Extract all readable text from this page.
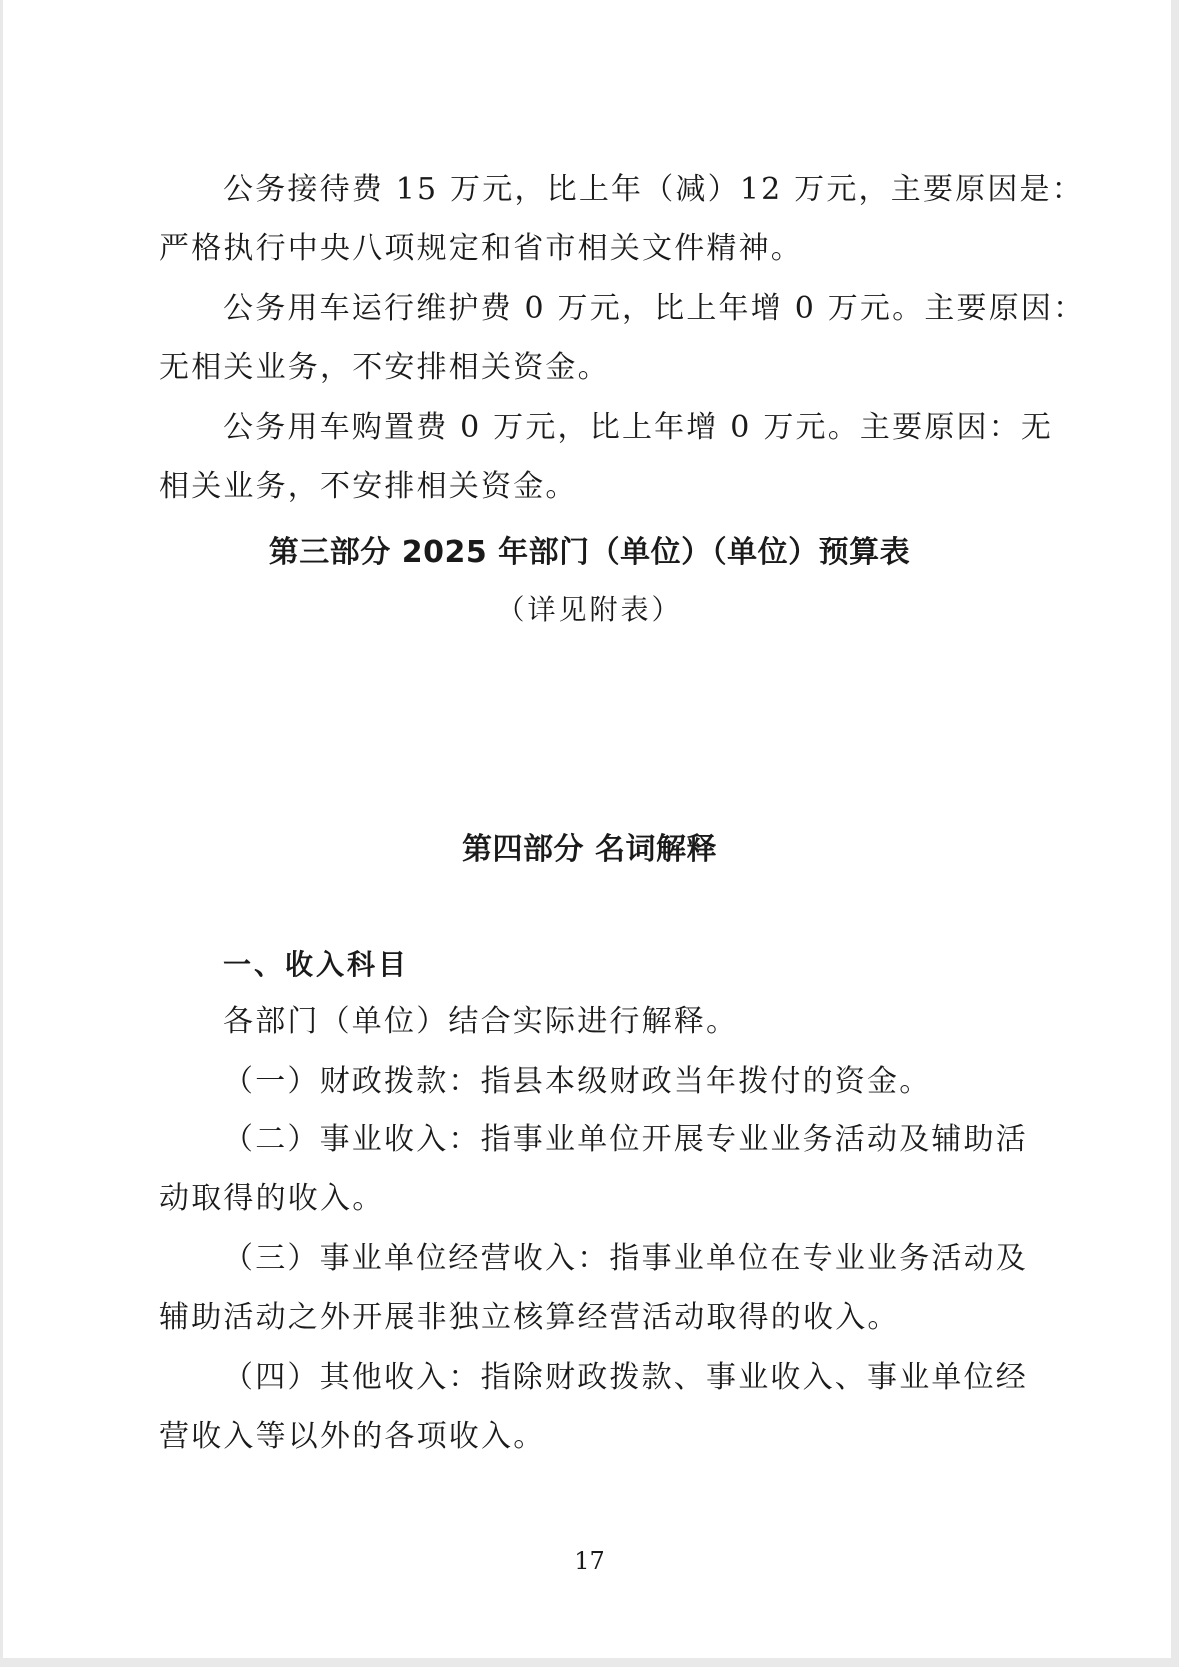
公务接待费 15 万元，比上年（减）12 万元，主要原因是：
严格执行中央八项规定和省市相关文件精神。
公务用车运行维护费 0 万元，比上年增 0 万元。主要原因：
无相关业务，不安排相关资金。
公务用车购置费 0 万元，比上年增 0 万元。主要原因：无
相关业务，不安排相关资金。
第三部分 2025 年部门（单位）（单位）预算表

（详见附表）

第四部分 名词解释
一、收入科目
各部门（单位）结合实际进行解释。
（一）财政拨款：指县本级财政当年拨付的资金。
（二）事业收入：指事业单位开展专业业务活动及辅助活
动取得的收入。
（三）事业单位经营收入：指事业单位在专业业务活动及
辅助活动之外开展非独立核算经营活动取得的收入。
（四）其他收入：指除财政拨款、事业收入、事业单位经
营收入等以外的各项收入。

17
